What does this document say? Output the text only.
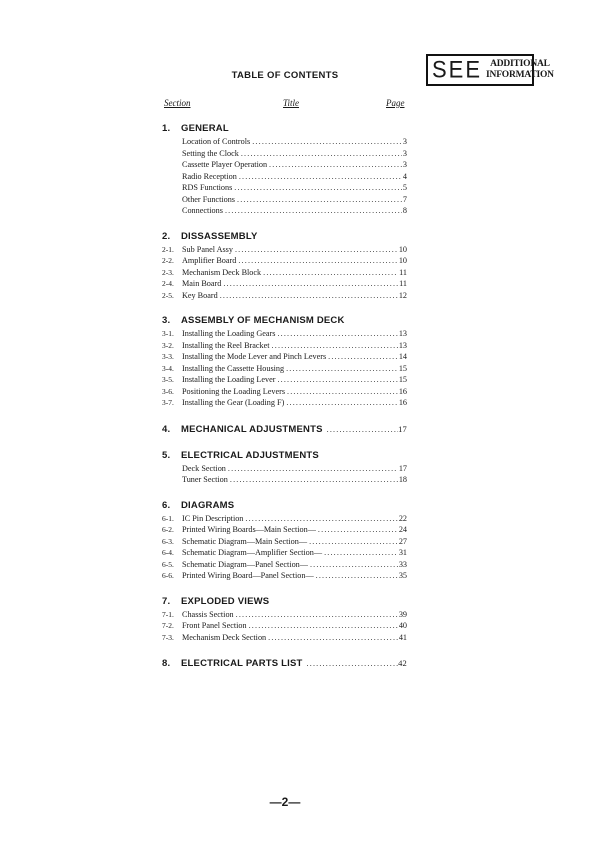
SEE ADDITIONAL
INFORMATION
TABLE OF CONTENTS
Section	Title	Page
1.	GENERAL
Location of Controls .....	3
Setting the Clock .....	3
Cassette Player Operation .....	3
Radio Reception .....	4
RDS Functions .....	5
Other Functions .....	7
Connections .....	8
2.	DISSASSEMBLY
2-1. Sub Panel Assy .....	10
2-2. Amplifier Board .....	10
2-3. Mechanism Deck Block .....	11
2-4. Main Board .....	11
2-5. Key Board .....	12
3.	ASSEMBLY OF MECHANISM DECK
3-1. Installing the Loading Gears .....	13
3-2. Installing the Reel Bracket .....	13
3-3. Installing the Mode Lever and Pinch Levers .....	14
3-4. Installing the Cassette Housing .....	15
3-5. Installing the Loading Lever .....	15
3-6. Positioning the Loading Levers .....	16
3-7. Installing the Gear (Loading F) .....	16
4.	MECHANICAL ADJUSTMENTS .....	17
5.	ELECTRICAL ADJUSTMENTS
Deck Section .....	17
Tuner Section .....	18
6.	DIAGRAMS
6-1. IC Pin Description .....	22
6-2. Printed Wiring Boards—Main Section— .....	24
6-3. Schematic Diagram—Main Section— .....	27
6-4. Schematic Diagram—Amplifier Section— .....	31
6-5. Schematic Diagram—Panel Section— .....	33
6-6. Printed Wiring Board—Panel Section— .....	35
7.	EXPLODED VIEWS
7-1. Chassis Section .....	39
7-2. Front Panel Section .....	40
7-3. Mechanism Deck Section .....	41
8.	ELECTRICAL PARTS LIST .....	42
—2—
